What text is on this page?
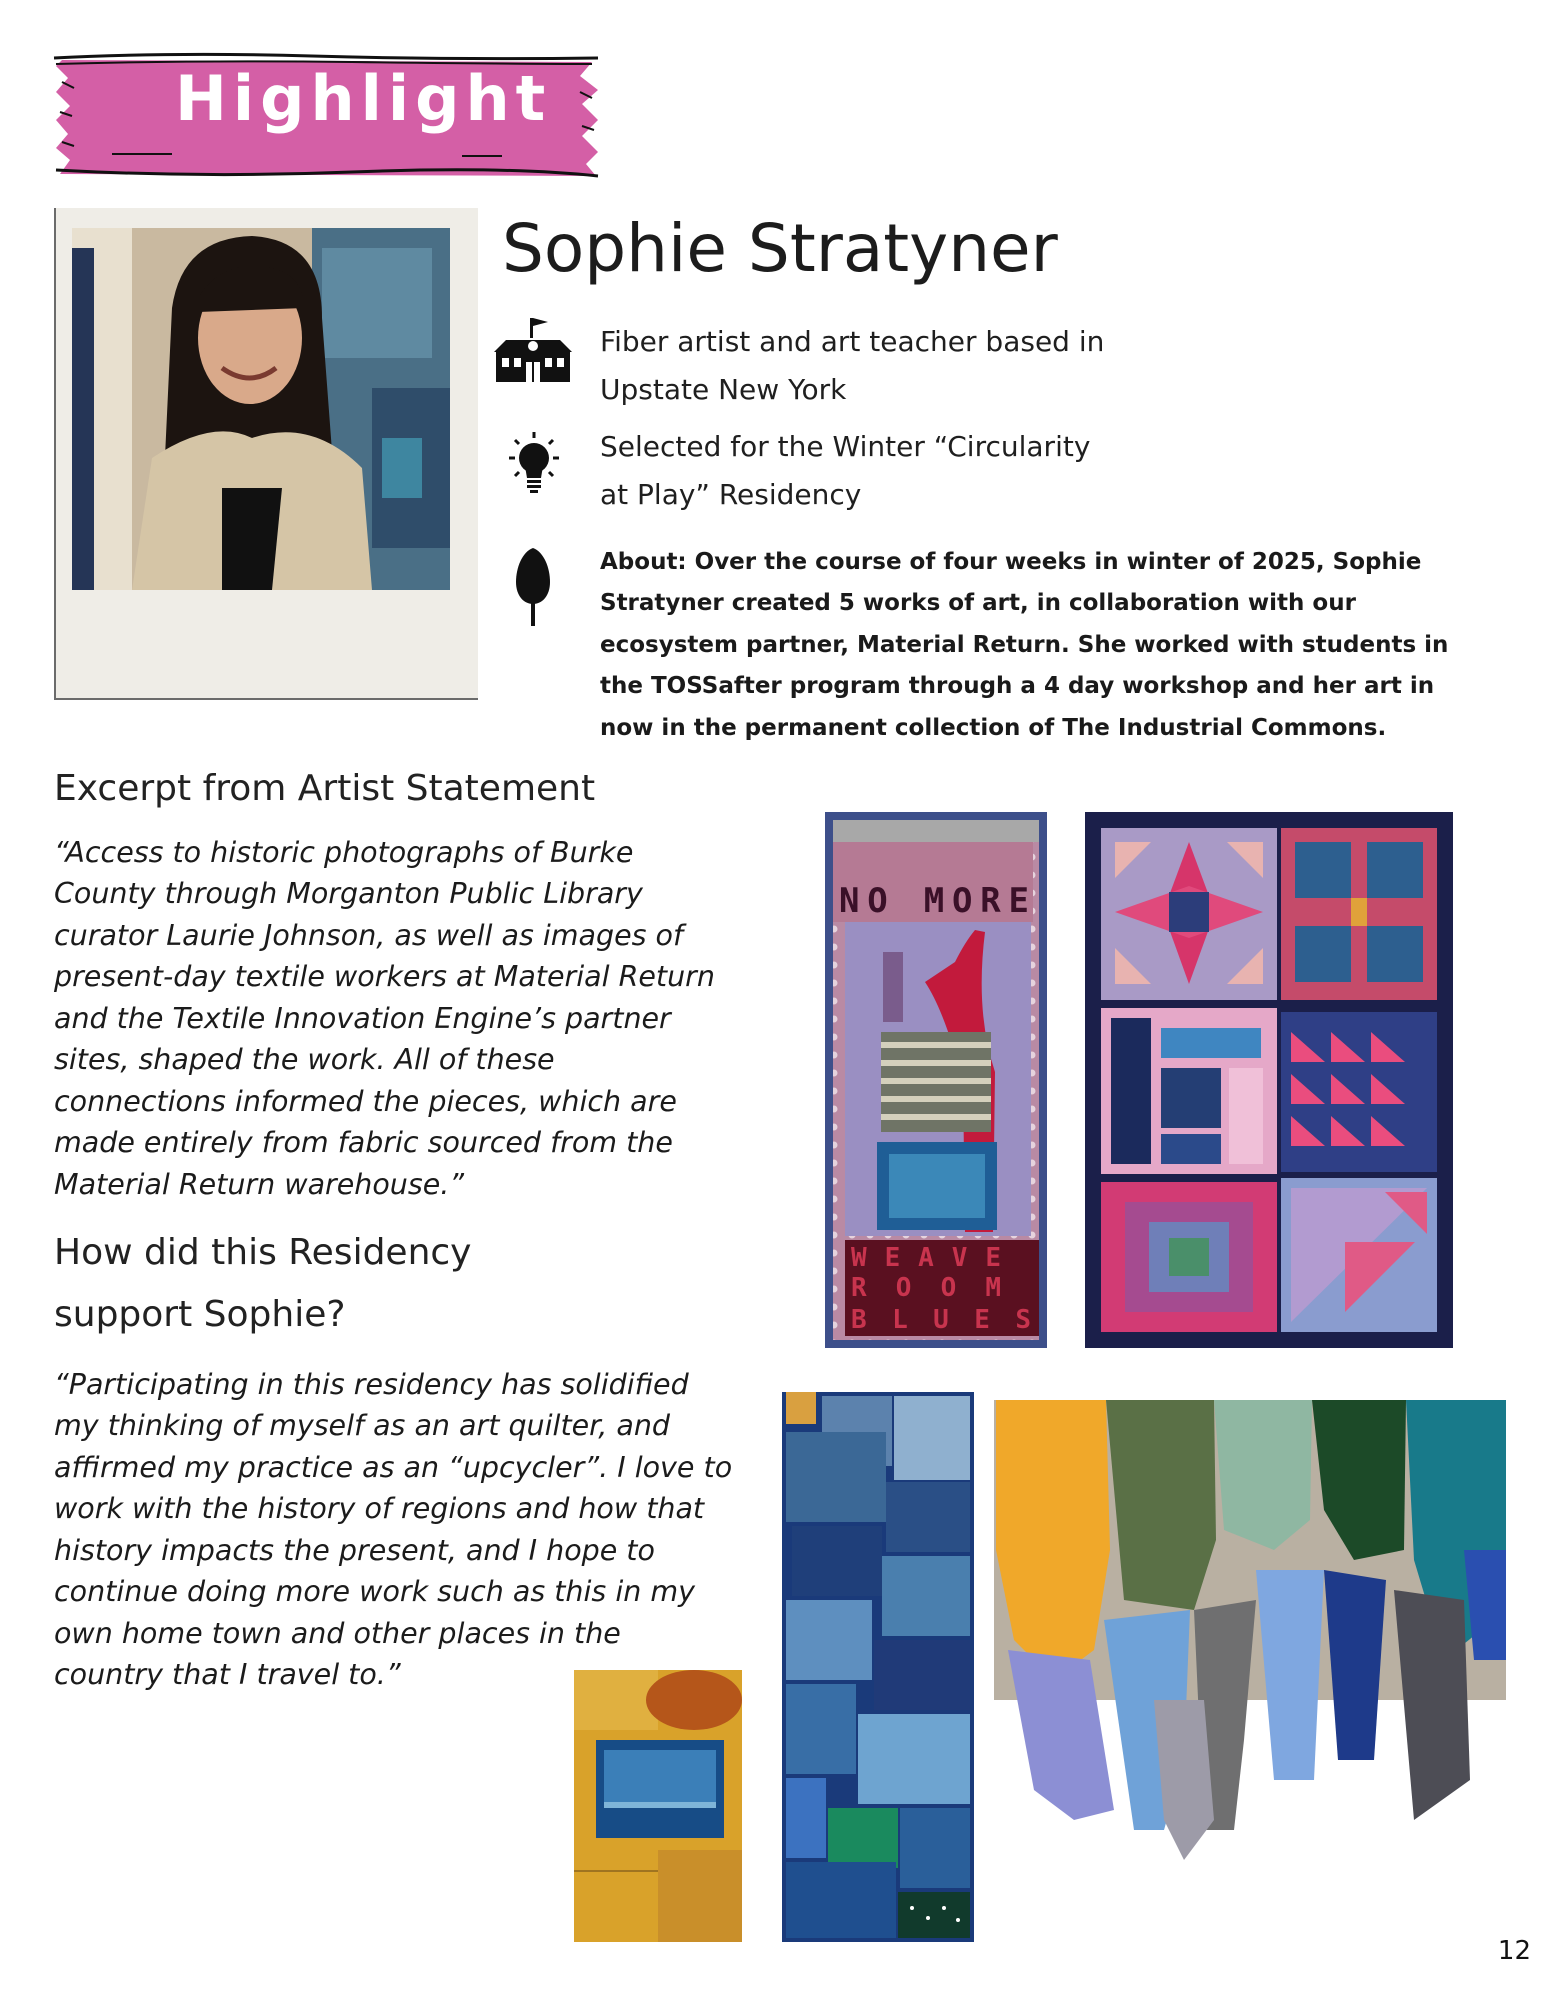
Highlight
Sophie Stratyner
Fiber artist and art teacher based in
Upstate New York
Selected for the Winter “Circularity
at Play” Residency
About: Over the course of four weeks in winter of 2025, Sophie
Stratyner created 5 works of art, in collaboration with our
ecosystem partner, Material Return. She worked with students in
the TOSSafter program through a 4 day workshop and her art in
now in the permanent collection of The Industrial Commons.
Excerpt from Artist Statement
“Access to historic photographs of Burke
County through Morganton Public Library
curator Laurie Johnson, as well as images of
present-day textile workers at Material Return
and the Textile Innovation Engine’s partner
sites, shaped the work. All of these
connections informed the pieces, which are
made entirely from fabric sourced from the
Material Return warehouse.”
How did this Residency
support Sophie?
“Participating in this residency has solidified
my thinking of myself as an art quilter, and
affirmed my practice as an “upcycler”. I love to
work with the history of regions and how that
history impacts the present, and I hope to
continue doing more work such as this in my
own home town and other places in the
country that I travel to.”
NO MORE
WEAVE
ROOM
BLUES
12
